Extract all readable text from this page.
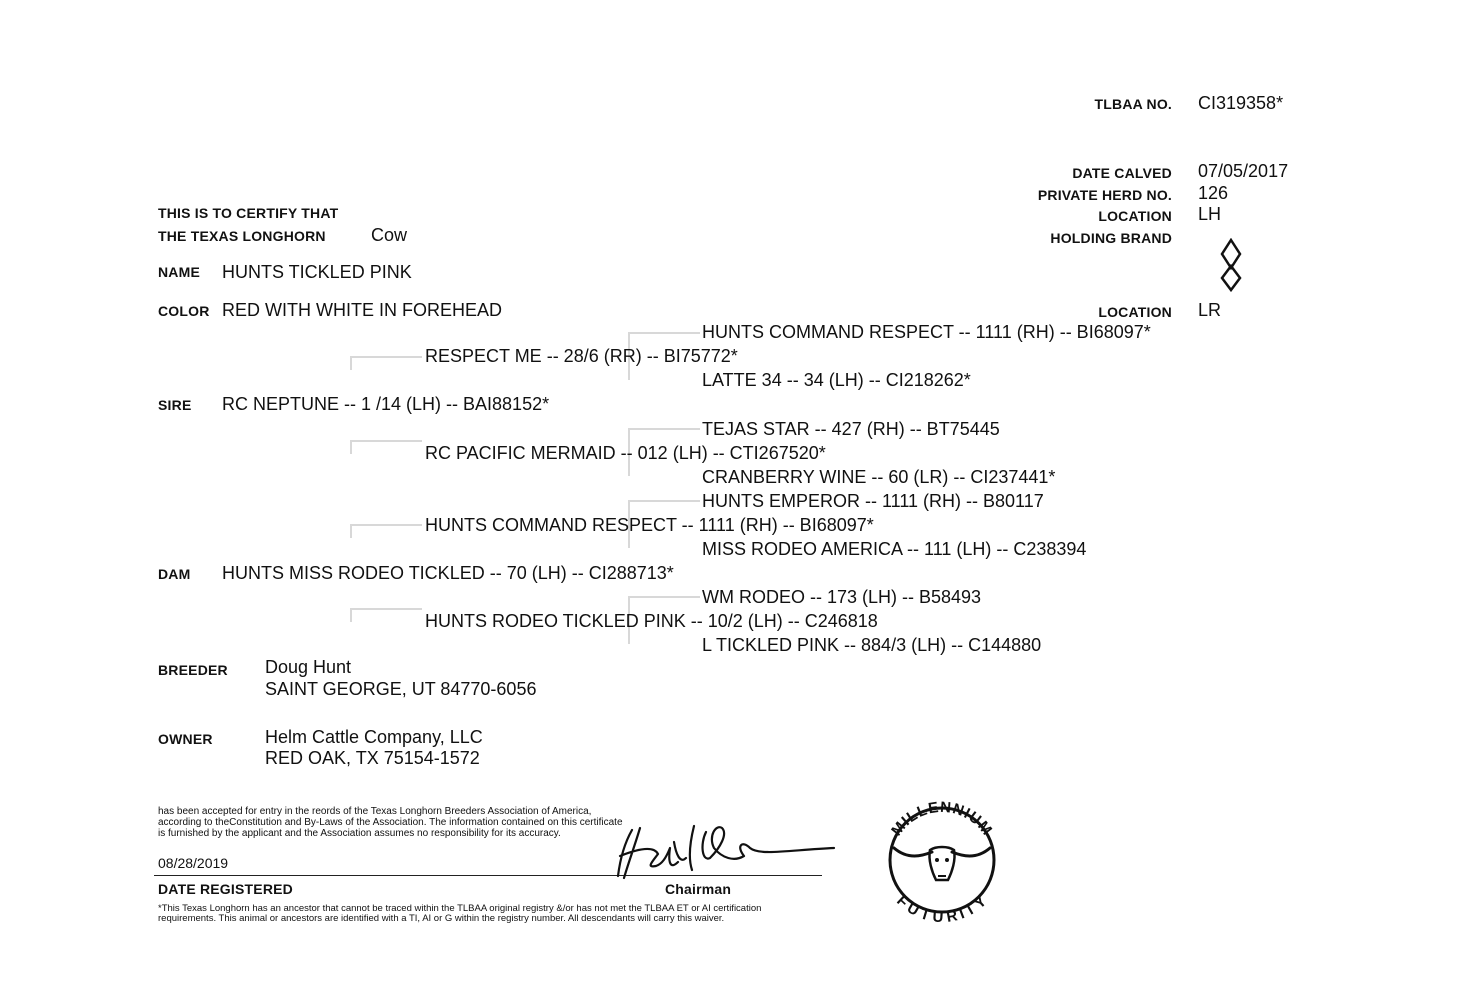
TLBAA NO. CI319358*
DATE CALVED 07/05/2017
PRIVATE HERD NO. 126
LOCATION LH
HOLDING BRAND
LOCATION LR
THIS IS TO CERTIFY THAT
THE TEXAS LONGHORN	Cow
NAME HUNTS TICKLED PINK
COLOR RED WITH WHITE IN FOREHEAD
HUNTS COMMAND RESPECT -- 1111 (RH) -- BI68097*
RESPECT ME -- 28/6 (RR) -- BI75772*
LATTE 34 -- 34 (LH) -- CI218262*
SIRE RC NEPTUNE -- 1 /14 (LH) -- BAI88152*
TEJAS STAR -- 427 (RH) -- BT75445
RC PACIFIC MERMAID -- 012 (LH) -- CTI267520*
CRANBERRY WINE -- 60 (LR) -- CI237441*
HUNTS EMPEROR -- 1111 (RH) -- B80117
HUNTS COMMAND RESPECT -- 1111 (RH) -- BI68097*
MISS RODEO AMERICA -- 111 (LH) -- C238394
DAM HUNTS MISS RODEO TICKLED -- 70 (LH) -- CI288713*
WM RODEO -- 173 (LH) -- B58493
HUNTS RODEO TICKLED PINK -- 10/2 (LH) -- C246818
L TICKLED PINK -- 884/3 (LH) -- C144880
BREEDER Doug Hunt
SAINT GEORGE, UT 84770-6056
OWNER	Helm Cattle Company, LLC
RED OAK, TX 75154-1572
has been accepted for entry in the reords of the Texas Longhorn Breeders Association of America,
according to theConstitution and By-Laws of the Association. The information contained on this certificate
is furnished by the applicant and the Association assumes no responsibility for its accuracy.
08/28/2019
DATE REGISTERED	Chairman
*This Texas Longhorn has an ancestor that cannot be traced within the TLBAA original registry &/or has not met the TLBAA ET or AI certification
requirements. This animal or ancestors are identified with a TI, AI or G within the registry number. All descendants will carry this waiver.
MILLENNIUM
FUTURITY
